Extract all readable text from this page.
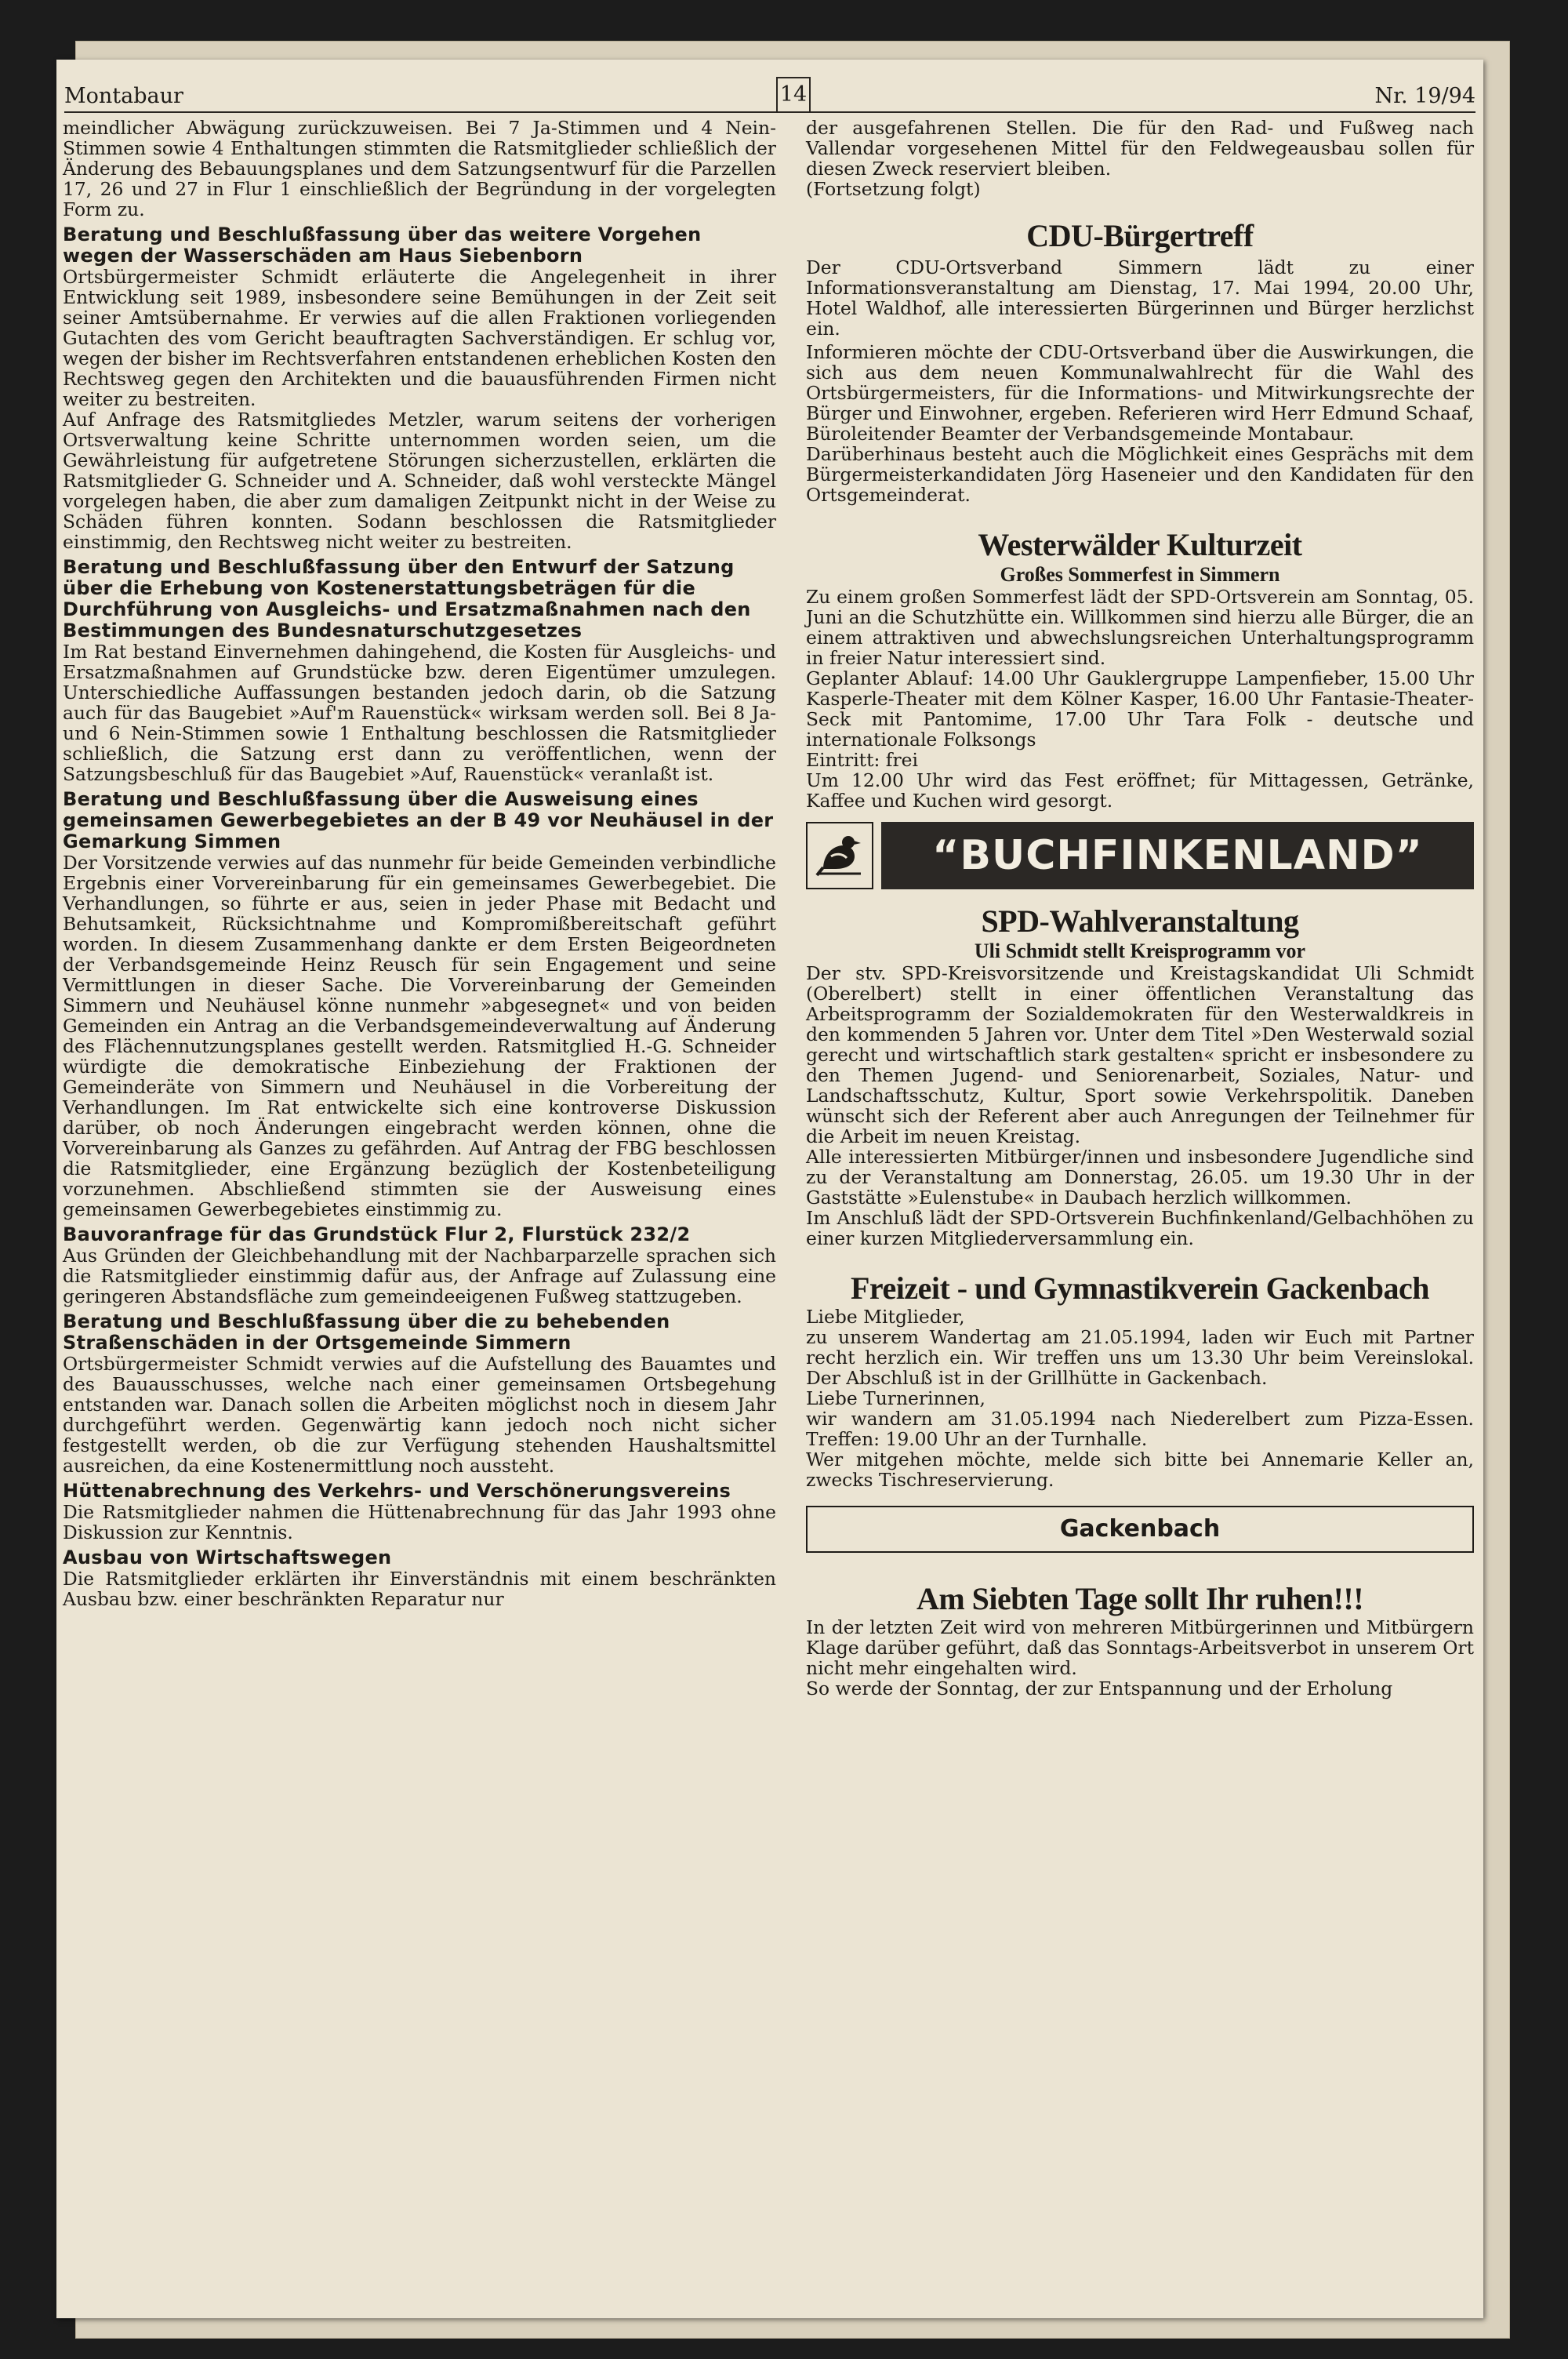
Montabaur	14	Nr. 19/94

meindlicher Abwägung zurückzuweisen. Bei 7 Ja-Stimmen und 4 Nein-Stimmen sowie 4 Enthaltungen stimmten die Ratsmitglieder schließlich der Änderung des Bebauungsplanes und dem Satzungsentwurf für die Parzellen 17, 26 und 27 in Flur 1 einschließlich der Begründung in der vorgelegten Form zu.

Beratung und Beschlußfassung über das weitere Vorgehen wegen der Wasserschäden am Haus Siebenborn

Ortsbürgermeister Schmidt erläuterte die Angelegenheit in ihrer Entwicklung seit 1989, insbesondere seine Bemühungen in der Zeit seit seiner Amtsübernahme. Er verwies auf die allen Fraktionen vorliegenden Gutachten des vom Gericht beauftragten Sachverständigen. Er schlug vor, wegen der bisher im Rechtsverfahren entstandenen erheblichen Kosten den Rechtsweg gegen den Architekten und die bauausführenden Firmen nicht weiter zu bestreiten.

Auf Anfrage des Ratsmitgliedes Metzler, warum seitens der vorherigen Ortsverwaltung keine Schritte unternommen worden seien, um die Gewährleistung für aufgetretene Störungen sicherzustellen, erklärten die Ratsmitglieder G. Schneider und A. Schneider, daß wohl versteckte Mängel vorgelegen haben, die aber zum damaligen Zeitpunkt nicht in der Weise zu Schäden führen konnten. Sodann beschlossen die Ratsmitglieder einstimmig, den Rechtsweg nicht weiter zu bestreiten.

Beratung und Beschlußfassung über den Entwurf der Satzung über die Erhebung von Kostenerstattungsbeträgen für die Durchführung von Ausgleichs- und Ersatzmaßnahmen nach den Bestimmungen des Bundesnaturschutzgesetzes

Im Rat bestand Einvernehmen dahingehend, die Kosten für Ausgleichs- und Ersatzmaßnahmen auf Grundstücke bzw. deren Eigentümer umzulegen. Unterschiedliche Auffassungen bestanden jedoch darin, ob die Satzung auch für das Baugebiet »Auf'm Rauenstück« wirksam werden soll. Bei 8 Ja- und 6 Nein-Stimmen sowie 1 Enthaltung beschlossen die Ratsmitglieder schließlich, die Satzung erst dann zu veröffentlichen, wenn der Satzungsbeschluß für das Baugebiet »Auf, Rauenstück« veranlaßt ist.

Beratung und Beschlußfassung über die Ausweisung eines gemeinsamen Gewerbegebietes an der B 49 vor Neuhäusel in der Gemarkung Simmen

Der Vorsitzende verwies auf das nunmehr für beide Gemeinden verbindliche Ergebnis einer Vorvereinbarung für ein gemeinsames Gewerbegebiet. Die Verhandlungen, so führte er aus, seien in jeder Phase mit Bedacht und Behutsamkeit, Rücksichtnahme und Kompromißbereitschaft geführt worden. In diesem Zusammenhang dankte er dem Ersten Beigeordneten der Verbandsgemeinde Heinz Reusch für sein Engagement und seine Vermittlungen in dieser Sache. Die Vorvereinbarung der Gemeinden Simmern und Neuhäusel könne nunmehr »abgesegnet« und von beiden Gemeinden ein Antrag an die Verbandsgemeindeverwaltung auf Änderung des Flächennutzungsplanes gestellt werden. Ratsmitglied H.-G. Schneider würdigte die demokratische Einbeziehung der Fraktionen der Gemeinderäte von Simmern und Neuhäusel in die Vorbereitung der Verhandlungen. Im Rat entwickelte sich eine kontroverse Diskussion darüber, ob noch Änderungen eingebracht werden können, ohne die Vorvereinbarung als Ganzes zu gefährden. Auf Antrag der FBG beschlossen die Ratsmitglieder, eine Ergänzung bezüglich der Kostenbeteiligung vorzunehmen. Abschließend stimmten sie der Ausweisung eines gemeinsamen Gewerbegebietes einstimmig zu.

Bauvoranfrage für das Grundstück Flur 2, Flurstück 232/2

Aus Gründen der Gleichbehandlung mit der Nachbarparzelle sprachen sich die Ratsmitglieder einstimmig dafür aus, der Anfrage auf Zulassung eine geringeren Abstandsfläche zum gemeindeeigenen Fußweg stattzugeben.

Beratung und Beschlußfassung über die zu behebenden Straßenschäden in der Ortsgemeinde Simmern

Ortsbürgermeister Schmidt verwies auf die Aufstellung des Bauamtes und des Bauausschusses, welche nach einer gemeinsamen Ortsbegehung entstanden war. Danach sollen die Arbeiten möglichst noch in diesem Jahr durchgeführt werden. Gegenwärtig kann jedoch noch nicht sicher festgestellt werden, ob die zur Verfügung stehenden Haushaltsmittel ausreichen, da eine Kostenermittlung noch aussteht.

Hüttenabrechnung des Verkehrs- und Verschönerungsvereins

Die Ratsmitglieder nahmen die Hüttenabrechnung für das Jahr 1993 ohne Diskussion zur Kenntnis.

Ausbau von Wirtschaftswegen

Die Ratsmitglieder erklärten ihr Einverständnis mit einem beschränkten Ausbau bzw. einer beschränkten Reparatur nur

der ausgefahrenen Stellen. Die für den Rad- und Fußweg nach Vallendar vorgesehenen Mittel für den Feldwegeausbau sollen für diesen Zweck reserviert bleiben.

(Fortsetzung folgt)

CDU-Bürgertreff

Der CDU-Ortsverband Simmern lädt zu einer Informationsveranstaltung am Dienstag, 17. Mai 1994, 20.00 Uhr, Hotel Waldhof, alle interessierten Bürgerinnen und Bürger herzlichst ein.

Informieren möchte der CDU-Ortsverband über die Auswirkungen, die sich aus dem neuen Kommunalwahlrecht für die Wahl des Ortsbürgermeisters, für die Informations- und Mitwirkungsrechte der Bürger und Einwohner, ergeben. Referieren wird Herr Edmund Schaaf, Büroleitender Beamter der Verbandsgemeinde Montabaur.

Darüberhinaus besteht auch die Möglichkeit eines Gesprächs mit dem Bürgermeisterkandidaten Jörg Haseneier und den Kandidaten für den Ortsgemeinderat.

Westerwälder Kulturzeit
Großes Sommerfest in Simmern

Zu einem großen Sommerfest lädt der SPD-Ortsverein am Sonntag, 05. Juni an die Schutzhütte ein. Willkommen sind hierzu alle Bürger, die an einem attraktiven und abwechslungsreichen Unterhaltungsprogramm in freier Natur interessiert sind.

Geplanter Ablauf: 14.00 Uhr Gauklergruppe Lampenfieber, 15.00 Uhr Kasperle-Theater mit dem Kölner Kasper, 16.00 Uhr Fantasie-Theater-Seck mit Pantomime, 17.00 Uhr Tara Folk - deutsche und internationale Folksongs

Eintritt: frei

Um 12.00 Uhr wird das Fest eröffnet; für Mittagessen, Getränke, Kaffee und Kuchen wird gesorgt.

“BUCHFINKENLAND”
SPD-Wahlveranstaltung
Uli Schmidt stellt Kreisprogramm vor

Der stv. SPD-Kreisvorsitzende und Kreistagskandidat Uli Schmidt (Oberelbert) stellt in einer öffentlichen Veranstaltung das Arbeitsprogramm der Sozialdemokraten für den Westerwaldkreis in den kommenden 5 Jahren vor. Unter dem Titel »Den Westerwald sozial gerecht und wirtschaftlich stark gestalten« spricht er insbesondere zu den Themen Jugend- und Seniorenarbeit, Soziales, Natur- und Landschaftsschutz, Kultur, Sport sowie Verkehrspolitik. Daneben wünscht sich der Referent aber auch Anregungen der Teilnehmer für die Arbeit im neuen Kreistag.

Alle interessierten Mitbürger/innen und insbesondere Jugendliche sind zu der Veranstaltung am Donnerstag, 26.05. um 19.30 Uhr in der Gaststätte »Eulenstube« in Daubach herzlich willkommen.

Im Anschluß lädt der SPD-Ortsverein Buchfinkenland/Gelbachhöhen zu einer kurzen Mitgliederversammlung ein.

Freizeit - und Gymnastikverein Gackenbach

Liebe Mitglieder,

zu unserem Wandertag am 21.05.1994, laden wir Euch mit Partner recht herzlich ein. Wir treffen uns um 13.30 Uhr beim Vereinslokal. Der Abschluß ist in der Grillhütte in Gackenbach.

Liebe Turnerinnen,

wir wandern am 31.05.1994 nach Niederelbert zum Pizza-Essen. Treffen: 19.00 Uhr an der Turnhalle.

Wer mitgehen möchte, melde sich bitte bei Annemarie Keller an, zwecks Tischreservierung.

Gackenbach
Am Siebten Tage sollt Ihr ruhen!!!

In der letzten Zeit wird von mehreren Mitbürgerinnen und Mitbürgern Klage darüber geführt, daß das Sonntags-Arbeitsverbot in unserem Ort nicht mehr eingehalten wird.

So werde der Sonntag, der zur Entspannung und der Erholung
